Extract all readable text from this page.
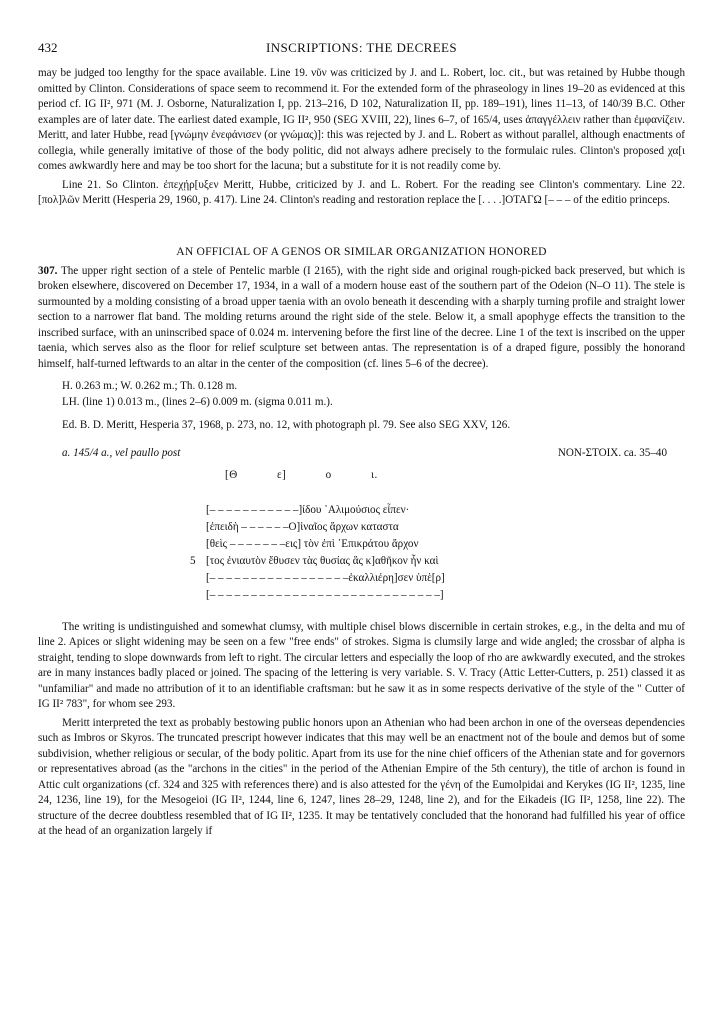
432	INSCRIPTIONS: THE DECREES

may be judged too lengthy for the space available. Line 19. νῦν was criticized by J. and L. Robert, loc. cit., but was retained by Hubbe though omitted by Clinton. Considerations of space seem to recommend it. For the extended form of the phraseology in lines 19–20 as evidenced at this period cf. IG II², 971 (M. J. Osborne, Naturalization I, pp. 213–216, D 102, Naturalization II, pp. 189–191), lines 11–13, of 140/39 B.C. Other examples are of later date. The earliest dated example, IG II², 950 (SEG XVIII, 22), lines 6–7, of 165/4, uses ἀπαγγέλλειν rather than ἐμφανίζειν. Meritt, and later Hubbe, read [γνώμην ἐνεφάνισεν (or γνώμας)]: this was rejected by J. and L. Robert as without parallel, although enactments of collegia, while generally imitative of those of the body politic, did not always adhere precisely to the formulaic rules. Clinton's proposed χα[ι comes awkwardly here and may be too short for the lacuna; but a substitute for it is not readily come by.

Line 21. So Clinton. ἐπεχῄρ[υξεν Meritt, Hubbe, criticized by J. and L. Robert. For the reading see Clinton's commentary. Line 22. [πολ]λῶν Meritt (Hesperia 29, 1960, p. 417). Line 24. Clinton's reading and restoration replace the [. . . .]ΟΤΑΓΩ [– – – of the editio princeps.

AN OFFICIAL OF A GENOS OR SIMILAR ORGANIZATION HONORED

307. The upper right section of a stele of Pentelic marble (I 2165), with the right side and original rough-picked back preserved, but which is broken elsewhere, discovered on December 17, 1934, in a wall of a modern house east of the southern part of the Odeion (N–O 11). The stele is surmounted by a molding consisting of a broad upper taenia with an ovolo beneath it descending with a sharply turning profile and straight lower section to a narrower flat band. The molding returns around the right side of the stele. Below it, a small apophyge effects the transition to the inscribed surface, with an uninscribed space of 0.024 m. intervening before the first line of the decree. Line 1 of the text is inscribed on the upper taenia, which serves also as the floor for relief sculpture set between antas. The representation is of a draped figure, possibly the honorand himself, half-turned leftwards to an altar in the center of the composition (cf. lines 5–6 of the decree).

H. 0.263 m.; W. 0.262 m.; Th. 0.128 m.
LH. (line 1) 0.013 m., (lines 2–6) 0.009 m. (sigma 0.011 m.).
Ed. B. D. Meritt, Hesperia 37, 1968, p. 273, no. 12, with photograph pl. 79. See also SEG XXV, 126.
a. 145/4 a., vel paullo post	NON-ΣΤΟΙΧ. ca. 35–40
[Θ	ε]	ο	ι.
[– – – – – – – – – – –]ίδου ᾿Αλιμούσιος εἶπεν·
[ἐπειδὴ – – – – – –Ο]ἱναῖος ἄρχων καταστα
[θεὶς – – – – – – –εις] τὸν ἐπὶ ᾿Επικράτου ἄρχον
5 [τος ἐνιαυτὸν ἔθυσεν τὰς θυσίας ἃς κ]αθῆκον ἦν καὶ
[– – – – – – – – – – – – – – – – –ἐκαλλιέρη]σεν ὑπὲ[ρ]
[– – – – – – – – – – – – – – – – – – – – – – – – – – – –]

The writing is undistinguished and somewhat clumsy, with multiple chisel blows discernible in certain strokes, e.g., in the delta and mu of line 2. Apices or slight widening may be seen on a few "free ends" of strokes. Sigma is clumsily large and wide angled; the crossbar of alpha is straight, tending to slope downwards from left to right. The circular letters and especially the loop of rho are awkwardly executed, and the strokes are in many instances badly placed or joined. The spacing of the lettering is very variable. S. V. Tracy (Attic Letter-Cutters, p. 251) classed it as "unfamiliar" and made no attribution of it to an identifiable craftsman: but he saw it as in some respects derivative of the style of the " Cutter of IG II² 783", for whom see 293.

Meritt interpreted the text as probably bestowing public honors upon an Athenian who had been archon in one of the overseas dependencies such as Imbros or Skyros. The truncated prescript however indicates that this may well be an enactment not of the boule and demos but of some subdivision, whether religious or secular, of the body politic. Apart from its use for the nine chief officers of the Athenian state and for governors or representatives abroad (as the "archons in the cities" in the period of the Athenian Empire of the 5th century), the title of archon is found in Attic cult organizations (cf. 324 and 325 with references there) and is also attested for the γένη of the Eumolpidai and Kerykes (IG II², 1235, line 24, 1236, line 19), for the Mesogeioi (IG II², 1244, line 6, 1247, lines 28–29, 1248, line 2), and for the Eikadeis (IG II², 1258, line 22). The structure of the decree doubtless resembled that of IG II², 1235. It may be tentatively concluded that the honorand had fulfilled his year of office at the head of an organization largely if
